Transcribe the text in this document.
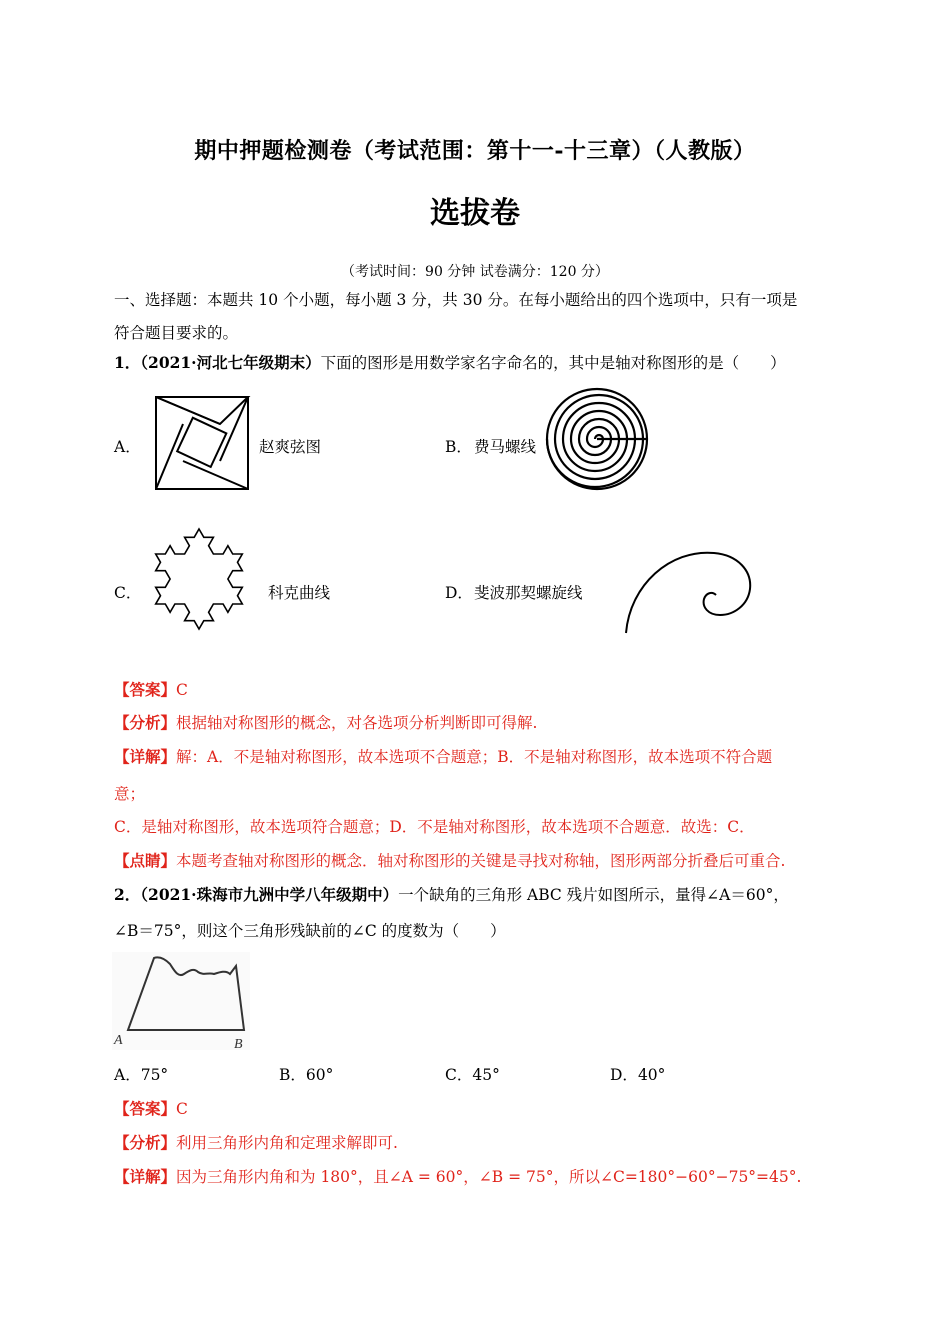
期中押题检测卷（考试范围：第十一-十三章）（人教版）
选拔卷
（考试时间：90 分钟 试卷满分：120 分）
一、选择题：本题共 10 个小题，每小题 3 分，共 30 分。在每小题给出的四个选项中，只有一项是
符合题目要求的。
1．（2021·河北七年级期末）下面的图形是用数学家名字命名的，其中是轴对称图形的是（　　）
A．	赵爽弦图	B． 费马螺线
C．	科克曲线	D． 斐波那契螺旋线
【答案】C
【分析】根据轴对称图形的概念，对各选项分析判断即可得解.
【详解】解：A．不是轴对称图形，故本选项不合题意；B．不是轴对称图形，故本选项不符合题
意；
C．是轴对称图形，故本选项符合题意；D．不是轴对称图形，故本选项不合题意．故选：C．
【点睛】本题考查轴对称图形的概念．轴对称图形的关键是寻找对称轴，图形两部分折叠后可重合.
2．（2021·珠海市九洲中学八年级期中）一个缺角的三角形 ABC 残片如图所示，量得∠A＝60°，
∠B＝75°，则这个三角形残缺前的∠C 的度数为（　　）
A	B
A．75°	B．60°	C．45°	D．40°
【答案】C
【分析】利用三角形内角和定理求解即可.
【详解】因为三角形内角和为 180°，且∠A = 60°，∠B = 75°，所以∠C=180°−60°−75°=45°.
